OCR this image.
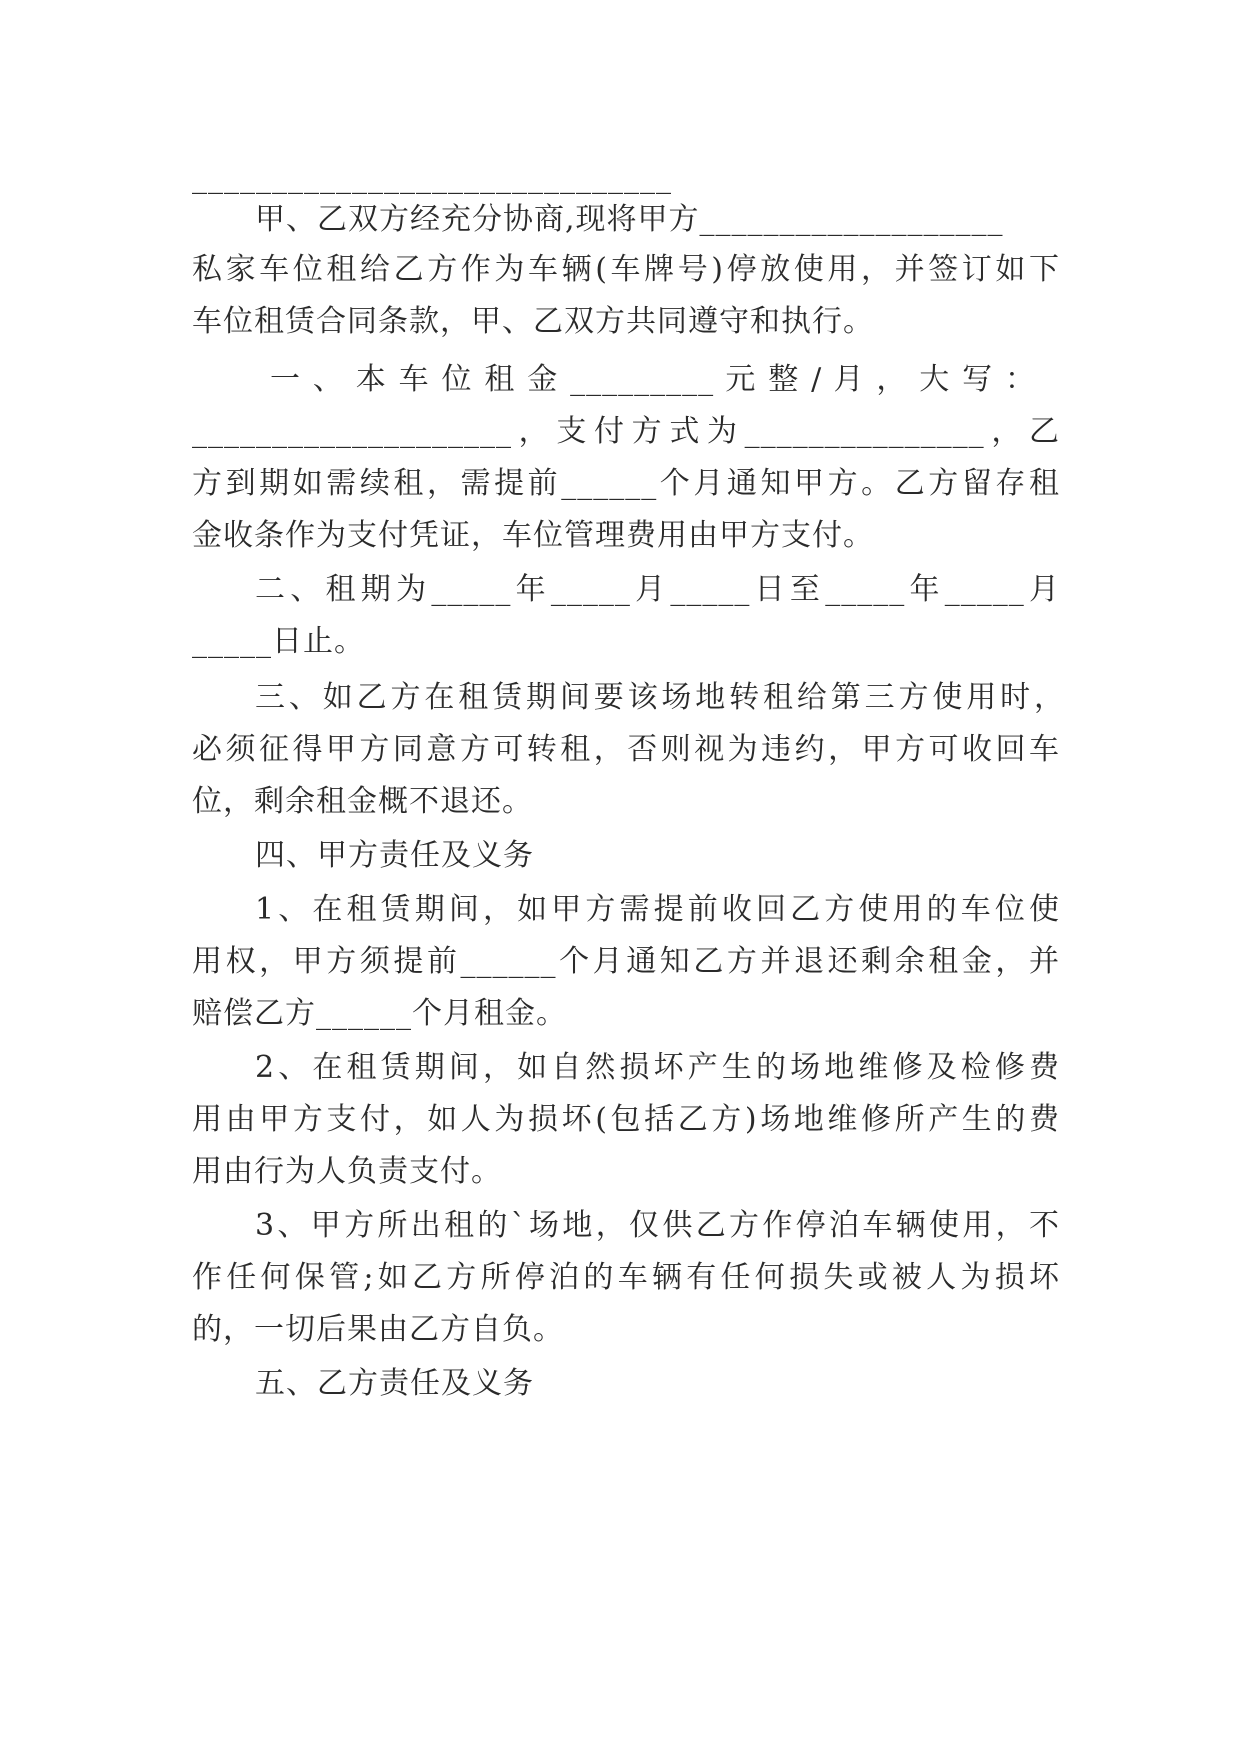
______________________________
甲、乙双方经充分协商,现将甲方___________________
私家车位租给乙方作为车辆(车牌号)停放使用，并签订如下
车位租赁合同条款，甲、乙双方共同遵守和执行。
一 、 本 车 位 租 金 _________ 元 整 / 月 ， 大 写 ：
____________________，支付方式为_______________，乙
方到期如需续租，需提前______个月通知甲方。乙方留存租
金收条作为支付凭证，车位管理费用由甲方支付。
二、租期为_____年_____月_____日至_____年_____月
_____日止。
三、如乙方在租赁期间要该场地转租给第三方使用时，
必须征得甲方同意方可转租，否则视为违约，甲方可收回车
位，剩余租金概不退还。
四、甲方责任及义务
1、在租赁期间，如甲方需提前收回乙方使用的车位使
用权，甲方须提前______个月通知乙方并退还剩余租金，并
赔偿乙方______个月租金。
2、在租赁期间，如自然损坏产生的场地维修及检修费
用由甲方支付，如人为损坏(包括乙方)场地维修所产生的费
用由行为人负责支付。
3、甲方所出租的`场地，仅供乙方作停泊车辆使用，不
作任何保管;如乙方所停泊的车辆有任何损失或被人为损坏
的，一切后果由乙方自负。
五、乙方责任及义务
